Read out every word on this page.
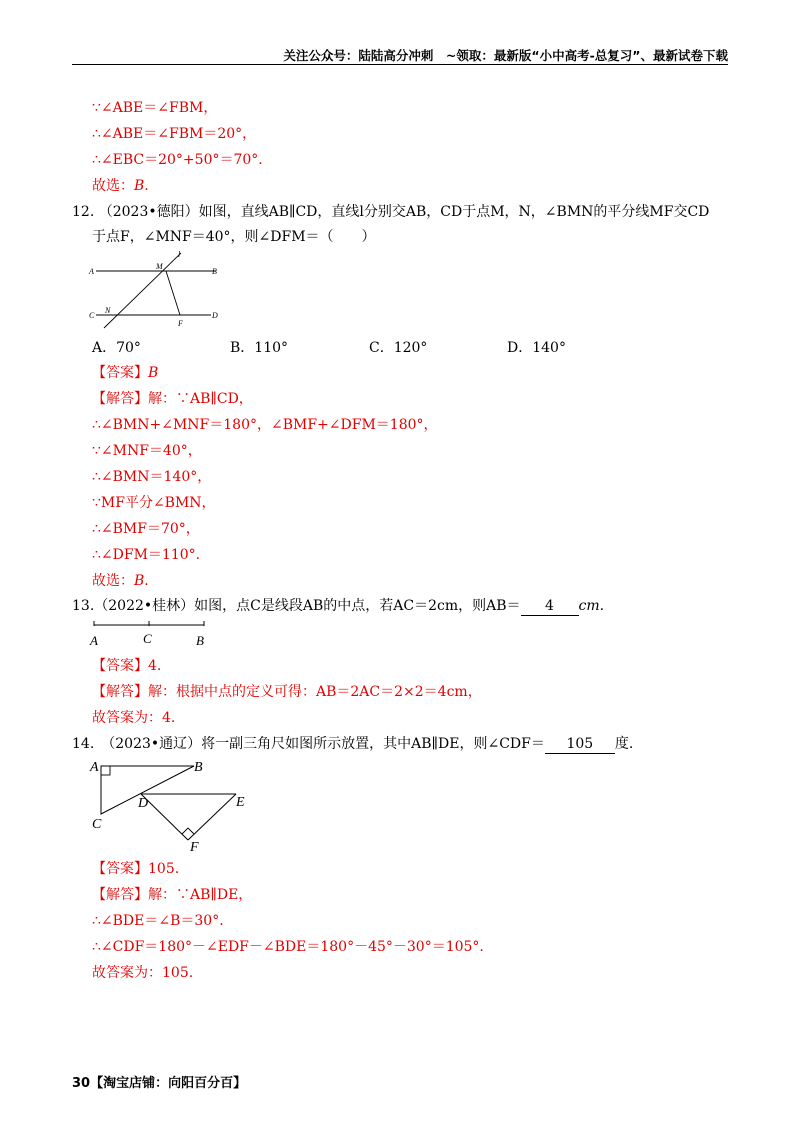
关注公众号：陆陆高分冲刺　~领取：最新版“小中高考-总复习”、最新试卷下载
∵∠ABE＝∠FBM，
∴∠ABE＝∠FBM＝20°，
∴∠EBC＝20°+50°＝70°.
故选：B.
12. （2023•德阳）如图，直线AB∥CD，直线l分别交AB，CD于点M，N，∠BMN的平分线MF交CD
于点F，∠MNF＝40°，则∠DFM＝（　　）
A	B
C	D
M
N
F
l
A．70°	B．110°	C．120°	D．140°
【答案】B
【解答】解：∵AB∥CD，
∴∠BMN+∠MNF＝180°，∠BMF+∠DFM＝180°，
∵∠MNF＝40°，
∴∠BMN＝140°，
∵MF平分∠BMN，
∴∠BMF＝70°，
∴∠DFM＝110°.
故选：B.
13.（2022•桂林）如图，点C是线段AB的中点，若AC＝2cm，则AB＝ 4 cm.
A	C	B
【答案】4.
【解答】解：根据中点的定义可得：AB＝2AC＝2×2＝4cm，
故答案为：4.
14.　（2023•通辽）将一副三角尺如图所示放置，其中AB∥DE，则∠CDF＝ 105 度.
A	B
C
D	E
F
【答案】105.
【解答】解：∵AB∥DE，
∴∠BDE＝∠B＝30°.
∴∠CDF＝180°－∠EDF－∠BDE＝180°－45°－30°＝105°.
故答案为：105.
30【淘宝店铺：向阳百分百】
